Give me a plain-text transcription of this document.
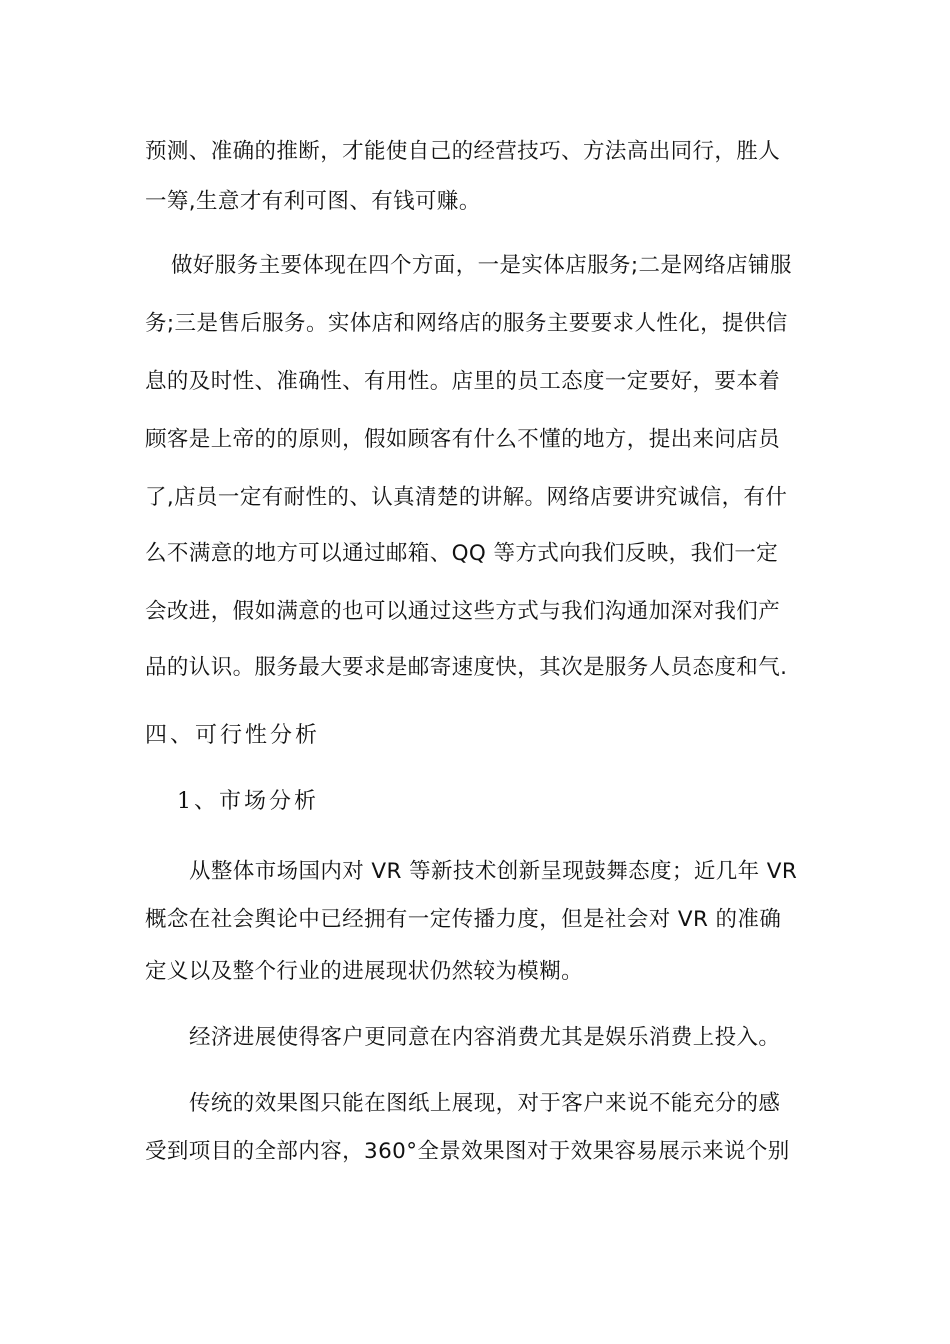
预测、准确的推断，才能使自己的经营技巧、方法高出同行，胜人
一筹,生意才有利可图、有钱可赚。
做好服务主要体现在四个方面，一是实体店服务;二是网络店铺服
务;三是售后服务。实体店和网络店的服务主要要求人性化，提供信
息的及时性、准确性、有用性。店里的员工态度一定要好，要本着
顾客是上帝的的原则，假如顾客有什么不懂的地方，提出来问店员
了,店员一定有耐性的、认真清楚的讲解。网络店要讲究诚信，有什
么不满意的地方可以通过邮箱、QQ 等方式向我们反映，我们一定
会改进，假如满意的也可以通过这些方式与我们沟通加深对我们产
品的认识。服务最大要求是邮寄速度快，其次是服务人员态度和气.
四、可行性分析
1、市场分析
从整体市场国内对 VR 等新技术创新呈现鼓舞态度；近几年 VR
概念在社会舆论中已经拥有一定传播力度，但是社会对 VR 的准确
定义以及整个行业的进展现状仍然较为模糊。
经济进展使得客户更同意在内容消费尤其是娱乐消费上投入。
传统的效果图只能在图纸上展现，对于客户来说不能充分的感
受到项目的全部内容，360°全景效果图对于效果容易展示来说个别
